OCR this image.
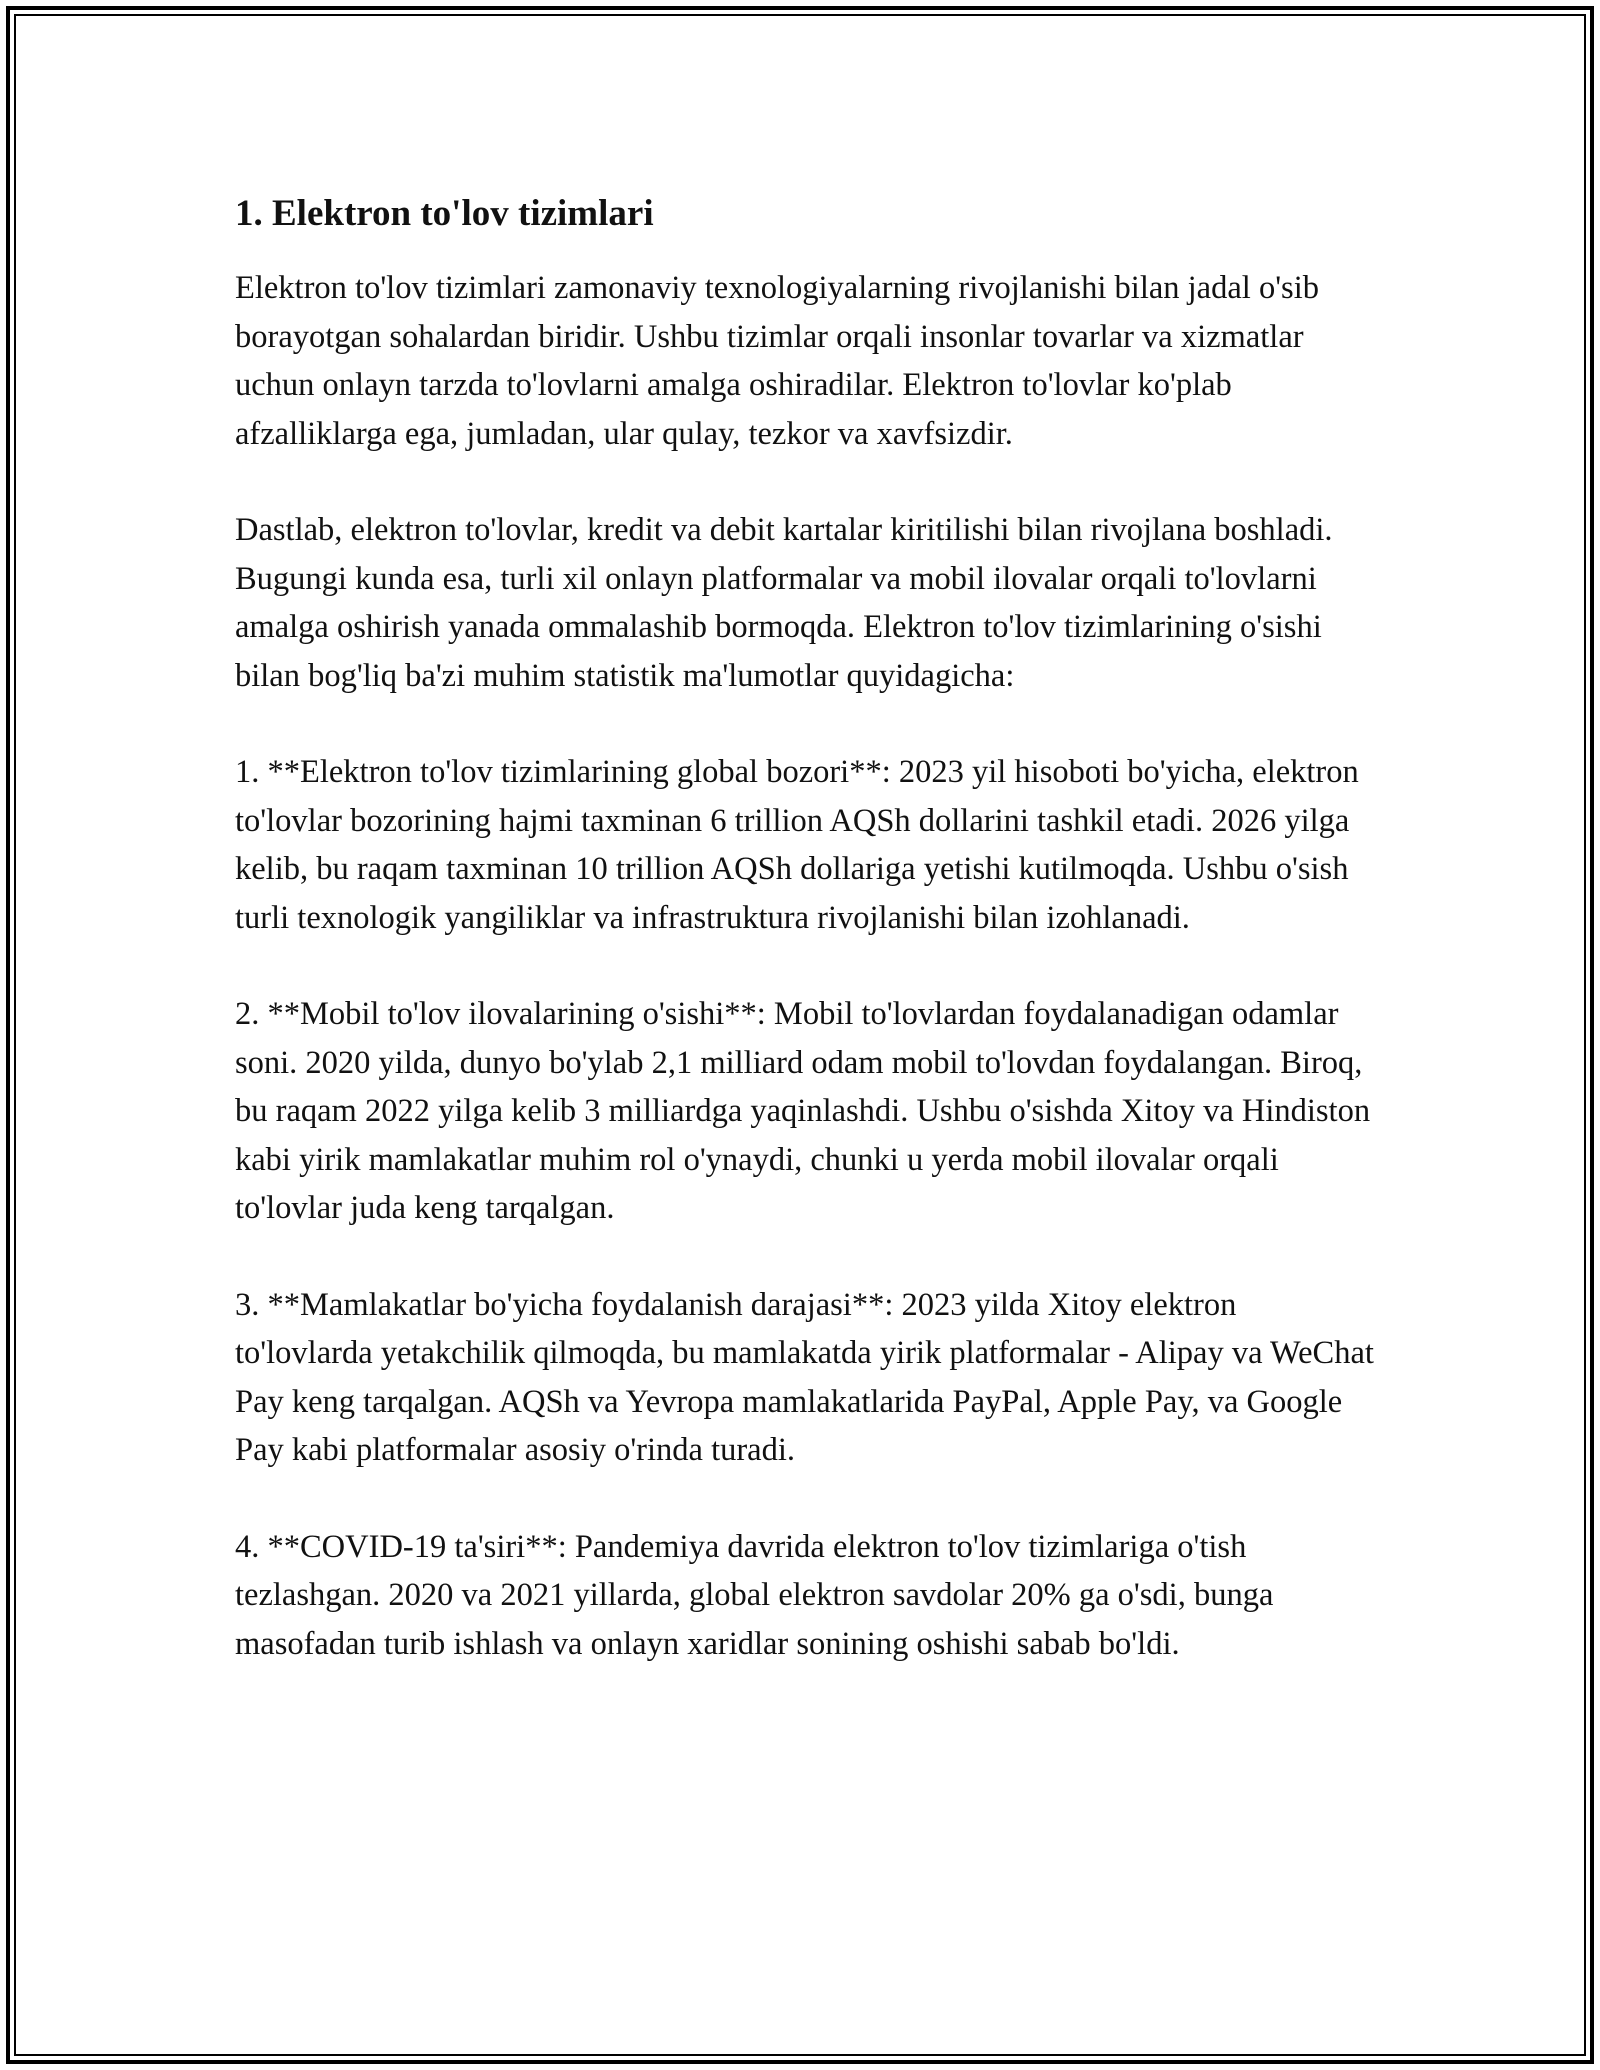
1. Elektron to'lov tizimlari

Elektron to'lov tizimlari zamonaviy texnologiyalarning rivojlanishi bilan jadal o'sib borayotgan sohalardan biridir. Ushbu tizimlar orqali insonlar tovarlar va xizmatlar uchun onlayn tarzda to'lovlarni amalga oshiradilar. Elektron to'lovlar ko'plab afzalliklarga ega, jumladan, ular qulay, tezkor va xavfsizdir.

Dastlab, elektron to'lovlar, kredit va debit kartalar kiritilishi bilan rivojlana boshladi. Bugungi kunda esa, turli xil onlayn platformalar va mobil ilovalar orqali to'lovlarni amalga oshirish yanada ommalashib bormoqda. Elektron to'lov tizimlarining o'sishi bilan bog'liq ba'zi muhim statistik ma'lumotlar quyidagicha:

1. **Elektron to'lov tizimlarining global bozori**: 2023 yil hisoboti bo'yicha, elektron to'lovlar bozorining hajmi taxminan 6 trillion AQSh dollarini tashkil etadi. 2026 yilga kelib, bu raqam taxminan 10 trillion AQSh dollariga yetishi kutilmoqda. Ushbu o'sish turli texnologik yangiliklar va infrastruktura rivojlanishi bilan izohlanadi.

2. **Mobil to'lov ilovalarining o'sishi**: Mobil to'lovlardan foydalanadigan odamlar soni. 2020 yilda, dunyo bo'ylab 2,1 milliard odam mobil to'lovdan foydalangan. Biroq, bu raqam 2022 yilga kelib 3 milliardga yaqinlashdi. Ushbu o'sishda Xitoy va Hindiston kabi yirik mamlakatlar muhim rol o'ynaydi, chunki u yerda mobil ilovalar orqali to'lovlar juda keng tarqalgan.

3. **Mamlakatlar bo'yicha foydalanish darajasi**: 2023 yilda Xitoy elektron to'lovlarda yetakchilik qilmoqda, bu mamlakatda yirik platformalar - Alipay va WeChat Pay keng tarqalgan. AQSh va Yevropa mamlakatlarida PayPal, Apple Pay, va Google Pay kabi platformalar asosiy o'rinda turadi.

4. **COVID-19 ta'siri**: Pandemiya davrida elektron to'lov tizimlariga o'tish tezlashgan. 2020 va 2021 yillarda, global elektron savdolar 20% ga o'sdi, bunga masofadan turib ishlash va onlayn xaridlar sonining oshishi sabab bo'ldi.
